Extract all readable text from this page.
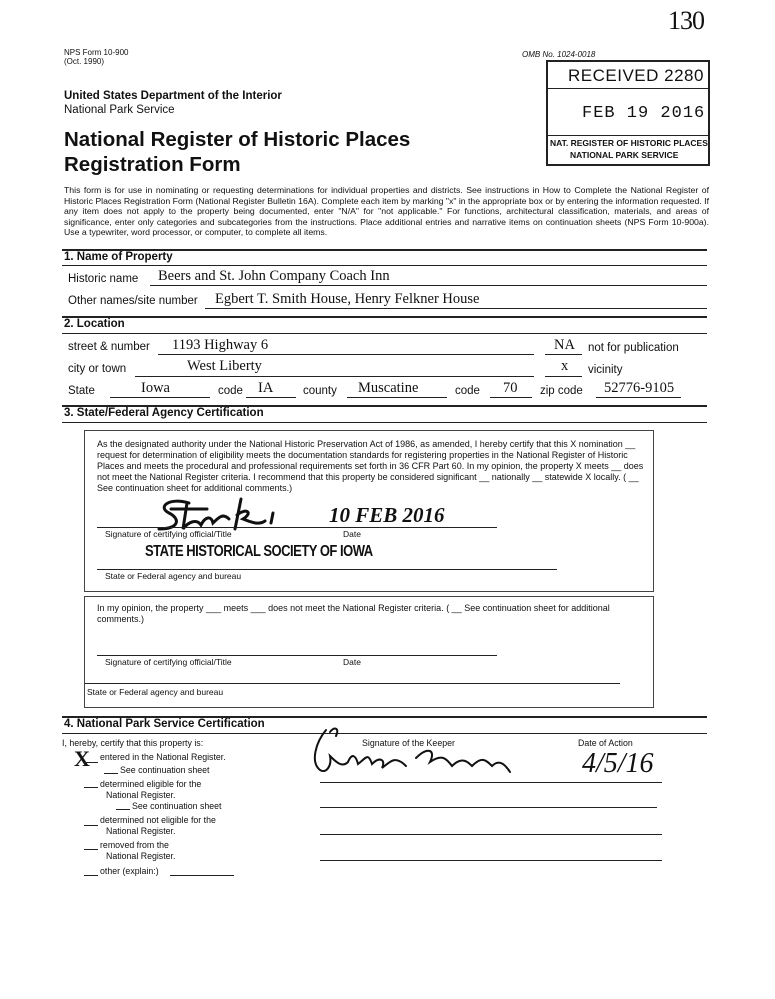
130
NPS Form 10-900
(Oct. 1990)
OMB No. 1024-0018
RECEIVED 2280
FEB 19 2016
NAT. REGISTER OF HISTORIC PLACES
NATIONAL PARK SERVICE
United States Department of the Interior
National Park Service
National Register of Historic Places
Registration Form
This form is for use in nominating or requesting determinations for individual properties and districts. See instructions in How to Complete the National Register of Historic Places Registration Form (National Register Bulletin 16A). Complete each item by marking "x" in the appropriate box or by entering the information requested. If any item does not apply to the property being documented, enter "N/A" for "not applicable." For functions, architectural classification, materials, and areas of significance, enter only categories and subcategories from the instructions. Place additional entries and narrative items on continuation sheets (NPS Form 10-900a). Use a typewriter, word processor, or computer, to complete all items.
1. Name of Property
Historic name Beers and St. John Company Coach Inn
Other names/site number Egbert T. Smith House, Henry Felkner House
2. Location
street & number 1193 Highway 6	NA not for publication
city or town	West Liberty	x vicinity
State	Iowa	code IA	county Muscatine	code 70 zip code 52776-9105
3. State/Federal Agency Certification
As the designated authority under the National Historic Preservation Act of 1986, as amended, I hereby certify that this X nomination __ request for determination of eligibility meets the documentation standards for registering properties in the National Register of Historic Places and meets the procedural and professional requirements set forth in 36 CFR Part 60. In my opinion, the property X meets __ does not meet the National Register criteria. I recommend that this property be considered significant __ nationally __ statewide X locally. ( __ See continuation sheet for additional comments.)
10 FEB 2016
Signature of certifying official/Title	Date
STATE HISTORICAL SOCIETY OF IOWA
State or Federal agency and bureau
In my opinion, the property ___ meets ___ does not meet the National Register criteria. ( __ See continuation sheet for additional comments.)
Signature of certifying official/Title	Date
State or Federal agency and bureau
4. National Park Service Certification
I, hereby, certify that this property is:	Signature of the Keeper	Date of Action
4/5/16
X entered in the National Register.
See continuation sheet
determined eligible for the
National Register.
See continuation sheet
determined not eligible for the
National Register.
removed from the
National Register.
other (explain:)
